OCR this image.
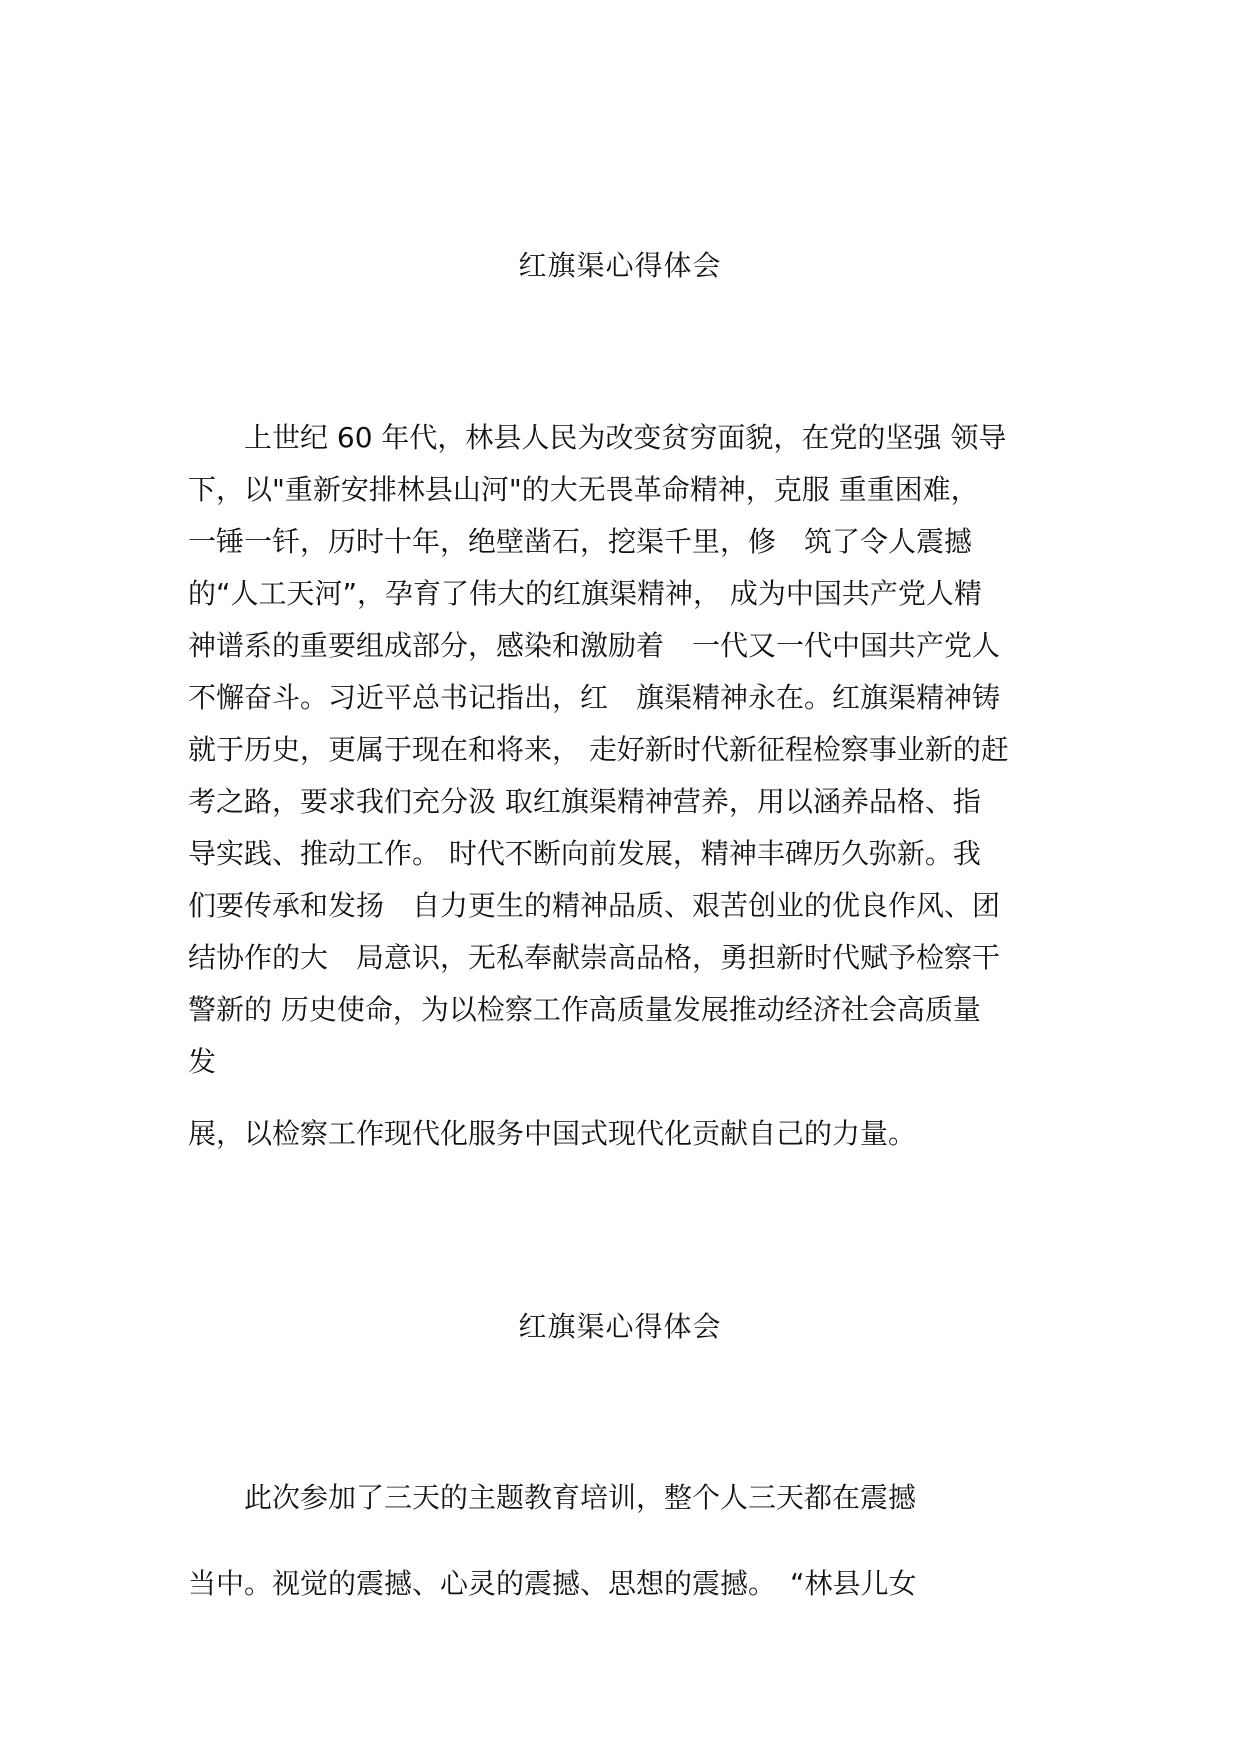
红旗渠心得体会
　　上世纪 60 年代，林县人民为改变贫穷面貌，在党的坚强 领导
下，以"重新安排林县山河"的大无畏革命精神，克服 重重困难，
一锤一钎，历时十年，绝壁凿石，挖渠千里，修　筑了令人震撼
的“人工天河”，孕育了伟大的红旗渠精神， 成为中国共产党人精
神谱系的重要组成部分，感染和激励着　一代又一代中国共产党人
不懈奋斗。习近平总书记指出，红　旗渠精神永在。红旗渠精神铸
就于历史，更属于现在和将来， 走好新时代新征程检察事业新的赶
考之路，要求我们充分汲 取红旗渠精神营养，用以涵养品格、指
导实践、推动工作。 时代不断向前发展，精神丰碑历久弥新。我
们要传承和发扬　自力更生的精神品质、艰苦创业的优良作风、团
结协作的大　局意识，无私奉献崇高品格，勇担新时代赋予检察干
警新的 历史使命，为以检察工作高质量发展推动经济社会高质量
发
展，以检察工作现代化服务中国式现代化贡献自己的力量。
红旗渠心得体会
　　此次参加了三天的主题教育培训，整个人三天都在震撼
当中。视觉的震撼、心灵的震撼、思想的震撼。　“林县儿女
